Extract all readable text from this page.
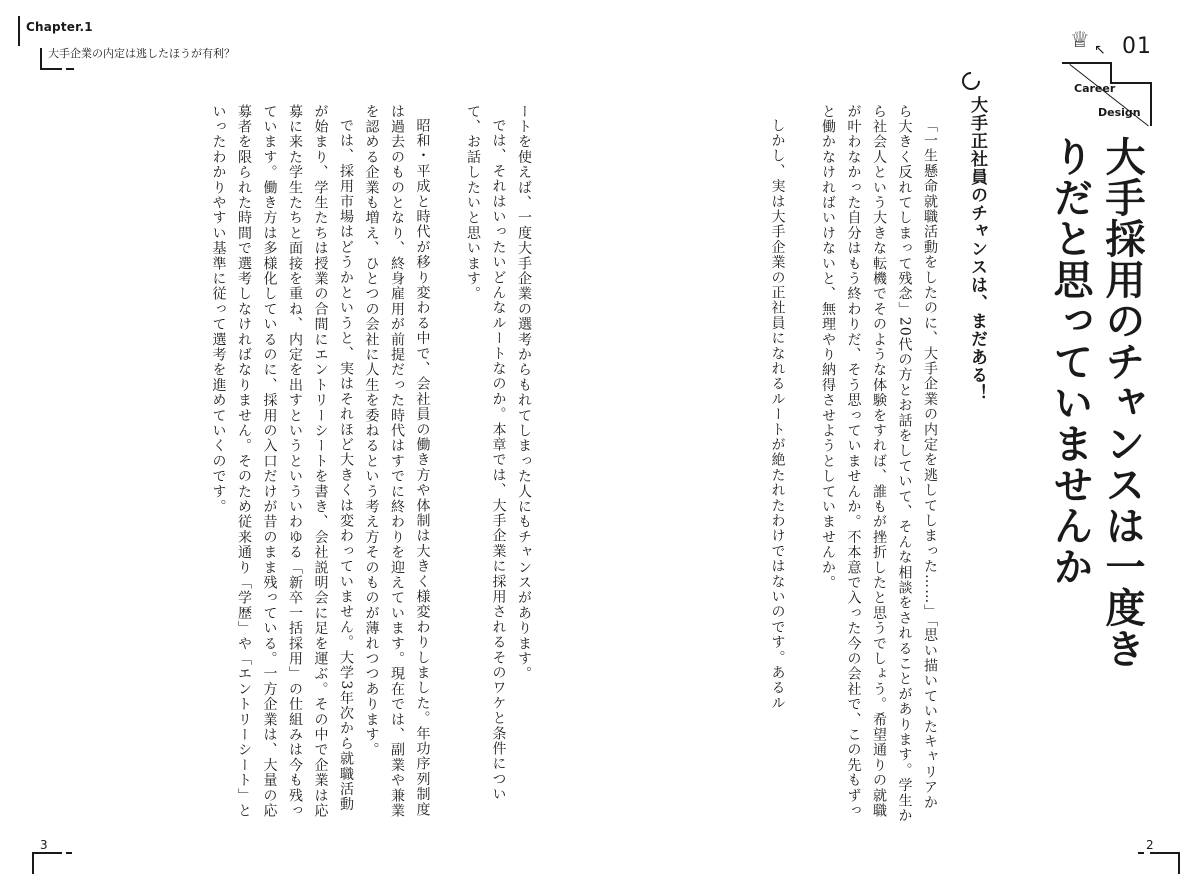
Chapter.1
大手企業の内定は逃したほうが有利？
♕ ↖ 01
Career
Design
大手採用のチャンスは一度きりだと思っていませんか
大手正社員のチャンスは、まだある！

「一生懸命就職活動をしたのに、大手企業の内定を逃してしまった……」「思い描いていたキャリアから大きく反れてしまって残念」20代の方とお話をしていて、そんな相談をされることがあります。学生から社会人という大きな転機でそのような体験をすれば、誰もが挫折したと思うでしょう。希望通りの就職が叶わなかった自分はもう終わりだ、そう思っていませんか。不本意で入った今の会社で、この先もずっと働かなければいけないと、無理やり納得させようとしていませんか。

しかし、実は大手企業の正社員になれるルートが絶たれたわけではないのです。あるル

ートを使えば、一度大手企業の選考からもれてしまった人にもチャンスがあります。

では、それはいったいどんなルートなのか。本章では、大手企業に採用されるそのワケと条件について、お話したいと思います。

昭和・平成と時代が移り変わる中で、会社員の働き方や体制は大きく様変わりしました。年功序列制度は過去のものとなり、終身雇用が前提だった時代はすでに終わりを迎えています。現在では、副業や兼業を認める企業も増え、ひとつの会社に人生を委ねるという考え方そのものが薄れつつあります。

では、採用市場はどうかというと、実はそれほど大きくは変わっていません。大学3年次から就職活動が始まり、学生たちは授業の合間にエントリーシートを書き、会社説明会に足を運ぶ。その中で企業は応募に来た学生たちと面接を重ね、内定を出すというといういわゆる「新卒一括採用」の仕組みは今も残っています。働き方は多様化しているのに、採用の入口だけが昔のまま残っている。一方企業は、大量の応募者を限られた時間で選考しなければなりません。そのため従来通り「学歴」や「エントリーシート」といったわかりやすい基準に従って選考を進めていくのです。

3	2
